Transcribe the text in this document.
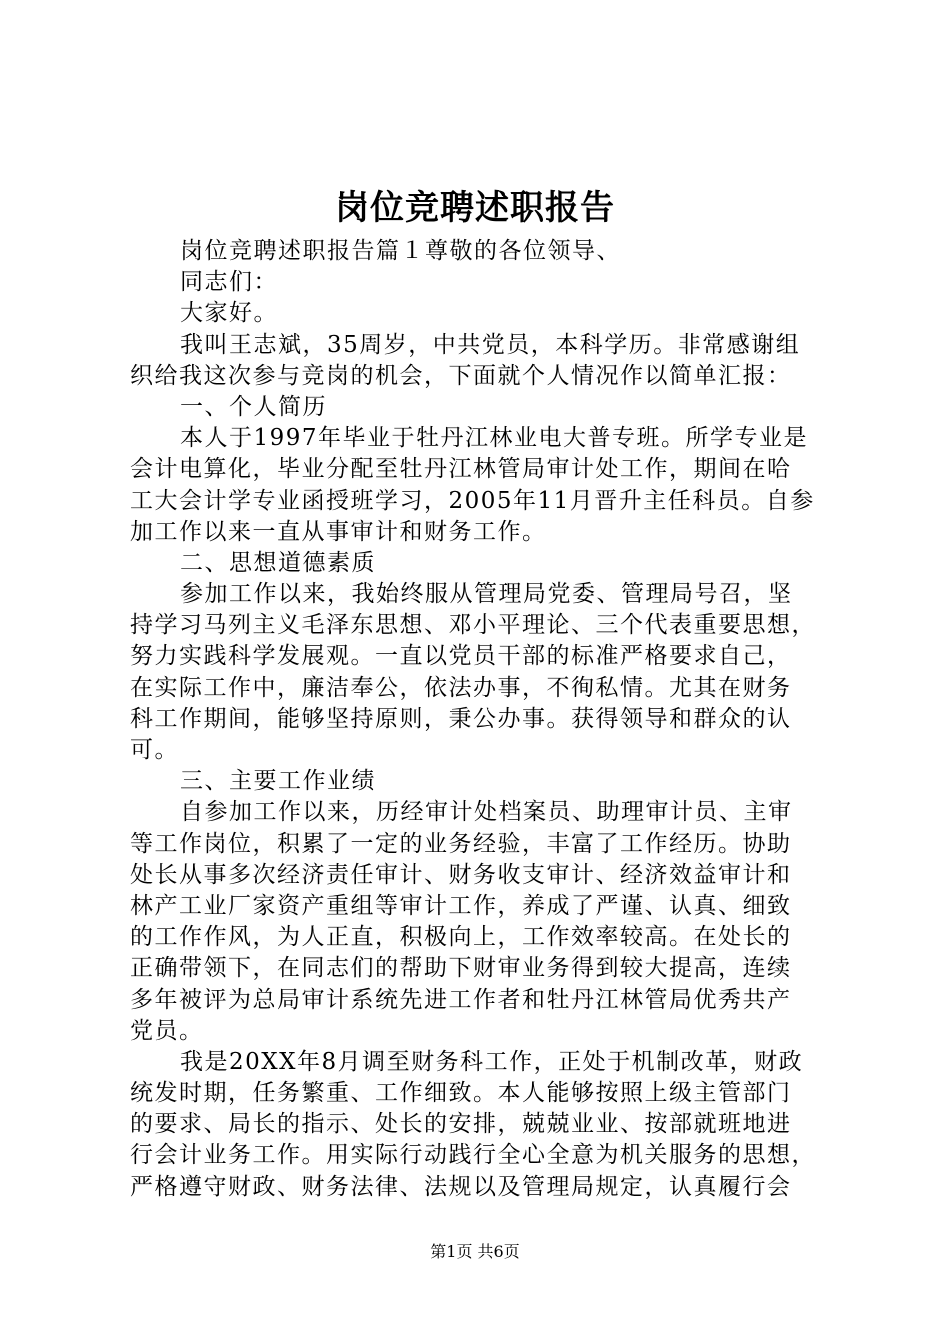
岗位竞聘述职报告
岗位竞聘述职报告篇１尊敬的各位领导、
同志们：
大家好。
我叫王志斌，35周岁，中共党员，本科学历。非常感谢组
织给我这次参与竞岗的机会，下面就个人情况作以简单汇报：
一、个人简历
本人于1997年毕业于牡丹江林业电大普专班。所学专业是
会计电算化，毕业分配至牡丹江林管局审计处工作，期间在哈
工大会计学专业函授班学习，2005年11月晋升主任科员。自参
加工作以来一直从事审计和财务工作。
二、思想道德素质
参加工作以来，我始终服从管理局党委、管理局号召，坚
持学习马列主义毛泽东思想、邓小平理论、三个代表重要思想，
努力实践科学发展观。一直以党员干部的标准严格要求自己，
在实际工作中，廉洁奉公，依法办事，不徇私情。尤其在财务
科工作期间，能够坚持原则，秉公办事。获得领导和群众的认
可。
三、主要工作业绩
自参加工作以来，历经审计处档案员、助理审计员、主审
等工作岗位，积累了一定的业务经验，丰富了工作经历。协助
处长从事多次经济责任审计、财务收支审计、经济效益审计和
林产工业厂家资产重组等审计工作，养成了严谨、认真、细致
的工作作风，为人正直，积极向上，工作效率较高。在处长的
正确带领下，在同志们的帮助下财审业务得到较大提高，连续
多年被评为总局审计系统先进工作者和牡丹江林管局优秀共产
党员。
我是20XX年8月调至财务科工作，正处于机制改革，财政
统发时期，任务繁重、工作细致。本人能够按照上级主管部门
的要求、局长的指示、处长的安排，兢兢业业、按部就班地进
行会计业务工作。用实际行动践行全心全意为机关服务的思想，
严格遵守财政、财务法律、法规以及管理局规定，认真履行会
第1页 共6页
